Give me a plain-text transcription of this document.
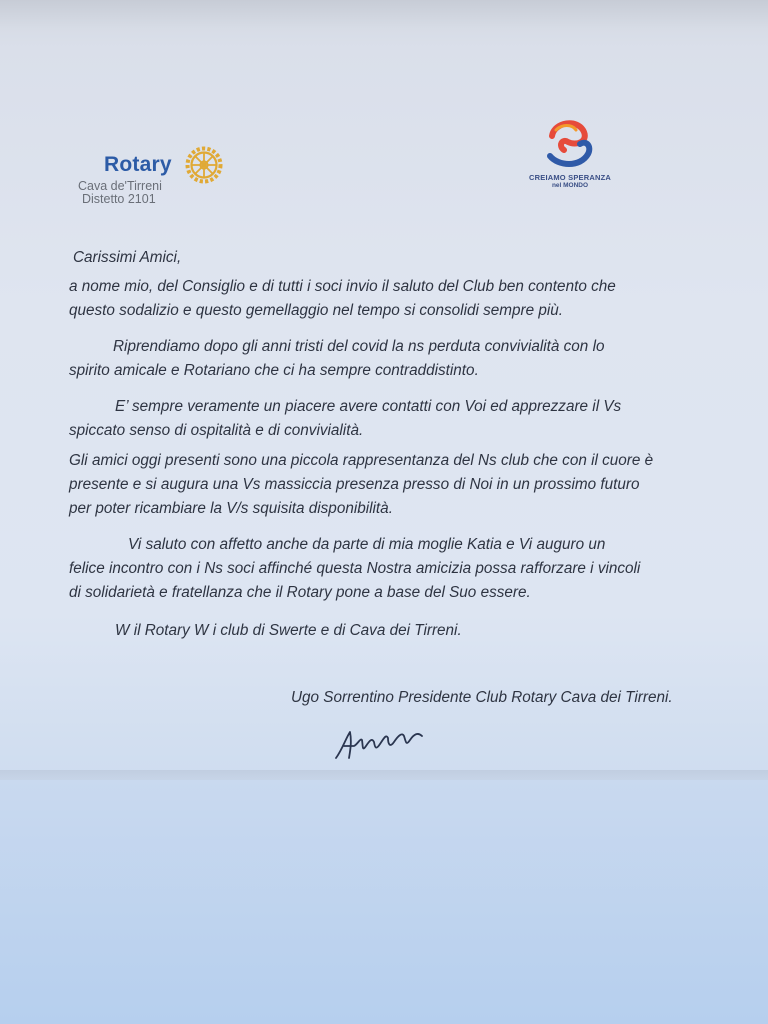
Rotary
Cava de'Tirreni
Distetto 2101
CREIAMO SPERANZA
nel MONDO
Carissimi Amici,
a nome mio, del Consiglio e di tutti i soci invio il saluto del Club ben contento che
questo sodalizio e questo gemellaggio nel tempo si consolidi sempre più.
Riprendiamo dopo gli anni tristi del covid la ns perduta convivialità con lo
spirito amicale e Rotariano che ci ha sempre contraddistinto.
E’ sempre veramente un piacere avere contatti con Voi ed apprezzare il Vs
spiccato senso di ospitalità e di convivialità.
Gli amici oggi presenti sono una piccola rappresentanza del Ns club che con il cuore è
presente e si augura una Vs massiccia presenza presso di Noi in un prossimo futuro
per poter ricambiare la V/s squisita disponibilità.
Vi saluto con affetto anche da parte di mia moglie Katia e Vi auguro un
felice incontro con i Ns soci affinché questa Nostra amicizia possa rafforzare i vincoli
di solidarietà e fratellanza che il Rotary pone a base del Suo essere.
W il Rotary W i club di Swerte e di Cava dei Tirreni.
Ugo Sorrentino Presidente Club Rotary Cava dei Tirreni.
